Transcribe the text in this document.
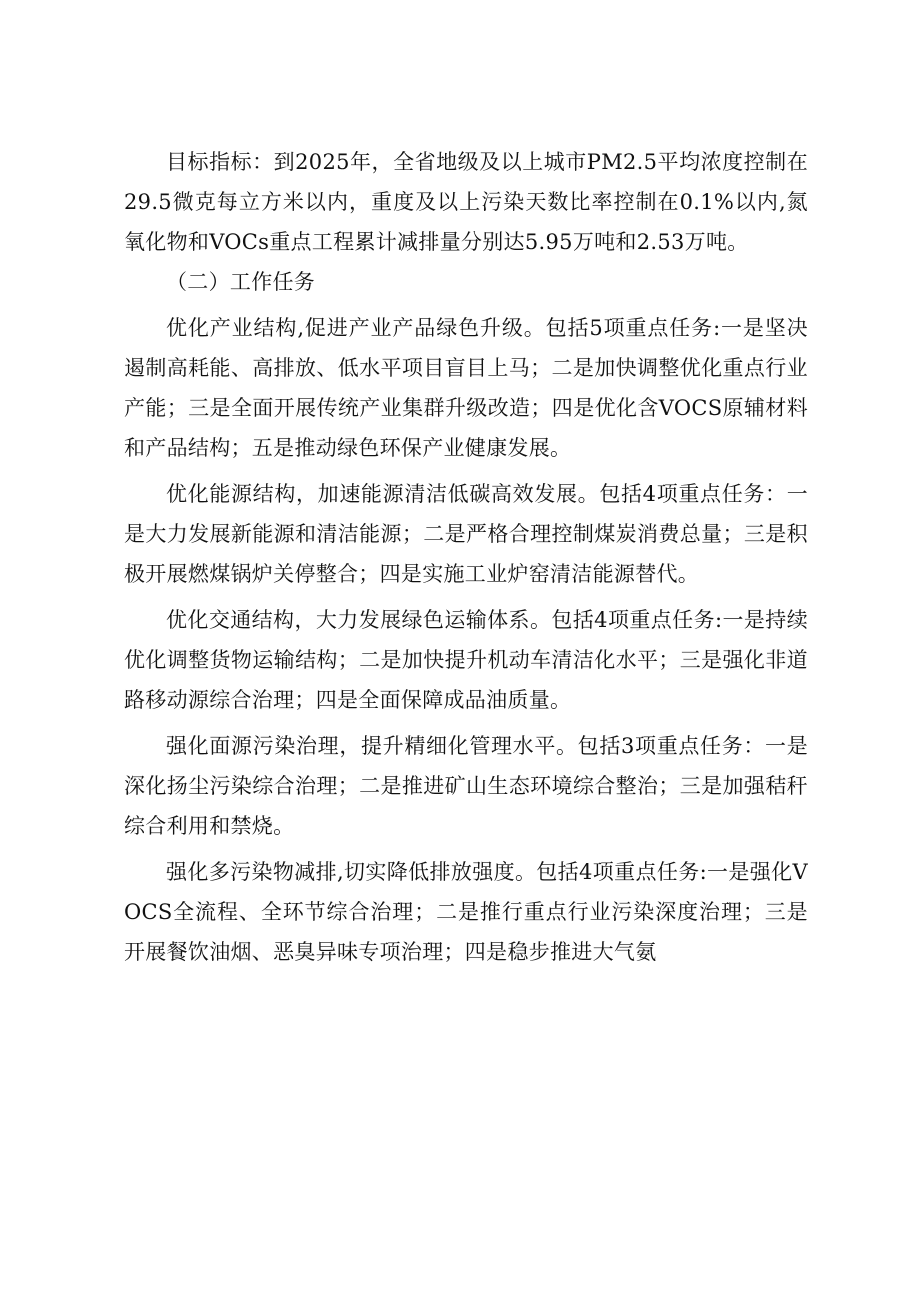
目标指标：到2025年，全省地级及以上城市PM2.5平均浓度控制在29.5微克每立方米以内，重度及以上污染天数比率控制在0.1%以内,氮氧化物和VOCs重点工程累计减排量分别达5.95万吨和2.53万吨。

（二）工作任务

优化产业结构,促进产业产品绿色升级。包括5项重点任务:一是坚决遏制高耗能、高排放、低水平项目盲目上马；二是加快调整优化重点行业产能；三是全面开展传统产业集群升级改造；四是优化含VOCS原辅材料和产品结构；五是推动绿色环保产业健康发展。

优化能源结构，加速能源清洁低碳高效发展。包括4项重点任务：一是大力发展新能源和清洁能源；二是严格合理控制煤炭消费总量；三是积极开展燃煤锅炉关停整合；四是实施工业炉窑清洁能源替代。

优化交通结构，大力发展绿色运输体系。包括4项重点任务:一是持续优化调整货物运输结构；二是加快提升机动车清洁化水平；三是强化非道路移动源综合治理；四是全面保障成品油质量。

强化面源污染治理，提升精细化管理水平。包括3项重点任务：一是深化扬尘污染综合治理；二是推进矿山生态环境综合整治；三是加强秸秆综合利用和禁烧。

强化多污染物减排,切实降低排放强度。包括4项重点任务:一是强化VOCS全流程、全环节综合治理；二是推行重点行业污染深度治理；三是开展餐饮油烟、恶臭异味专项治理；四是稳步推进大气氨
